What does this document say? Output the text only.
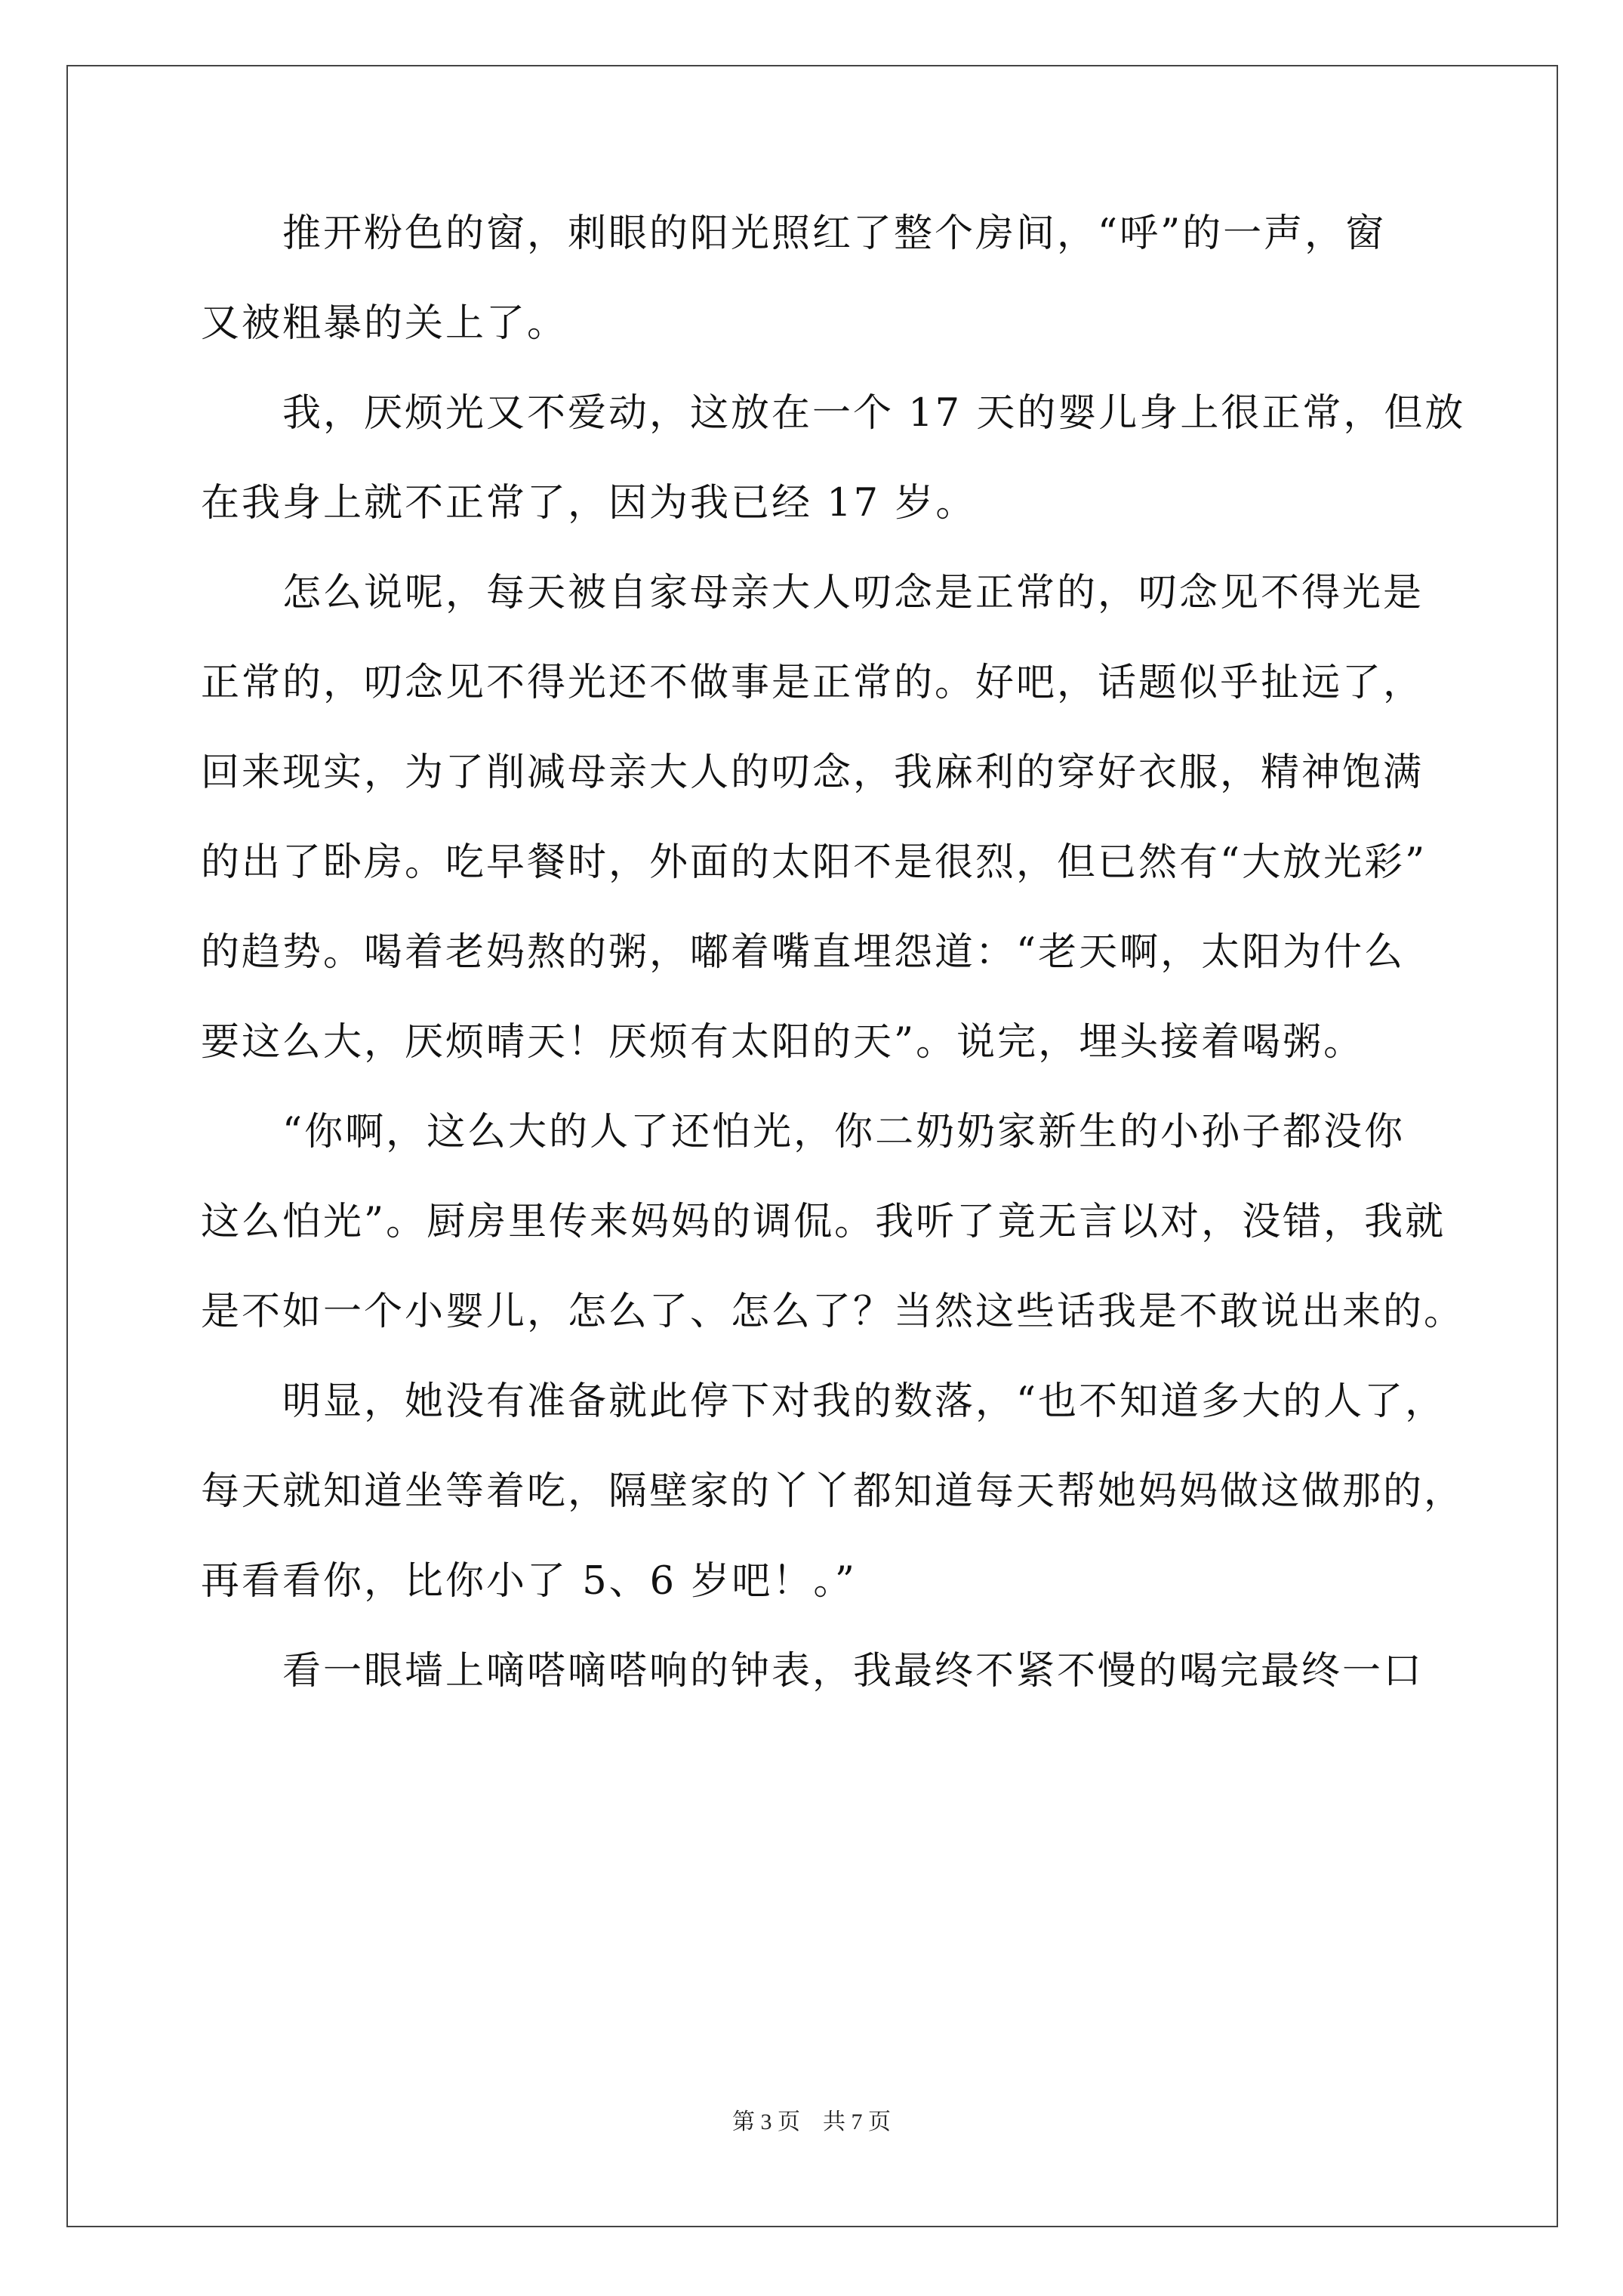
　　推开粉色的窗，刺眼的阳光照红了整个房间，“呼”的一声，窗
又被粗暴的关上了。
　　我，厌烦光又不爱动，这放在一个 17 天的婴儿身上很正常，但放
在我身上就不正常了，因为我已经 17 岁。
　　怎么说呢，每天被自家母亲大人叨念是正常的，叨念见不得光是
正常的，叨念见不得光还不做事是正常的。好吧，话题似乎扯远了，
回来现实，为了削减母亲大人的叨念，我麻利的穿好衣服，精神饱满
的出了卧房。吃早餐时，外面的太阳不是很烈，但已然有“大放光彩”
的趋势。喝着老妈熬的粥，嘟着嘴直埋怨道：“老天啊，太阳为什么
要这么大，厌烦晴天！厌烦有太阳的天”。说完，埋头接着喝粥。
　　“你啊，这么大的人了还怕光，你二奶奶家新生的小孙子都没你
这么怕光”。厨房里传来妈妈的调侃。我听了竟无言以对，没错，我就
是不如一个小婴儿，怎么了、怎么了？当然这些话我是不敢说出来的。
　　明显，她没有准备就此停下对我的数落，“也不知道多大的人了，
每天就知道坐等着吃，隔壁家的丫丫都知道每天帮她妈妈做这做那的，
再看看你，比你小了 5、6 岁吧！。”
　　看一眼墙上嘀嗒嘀嗒响的钟表，我最终不紧不慢的喝完最终一口
第 3 页　共 7 页
